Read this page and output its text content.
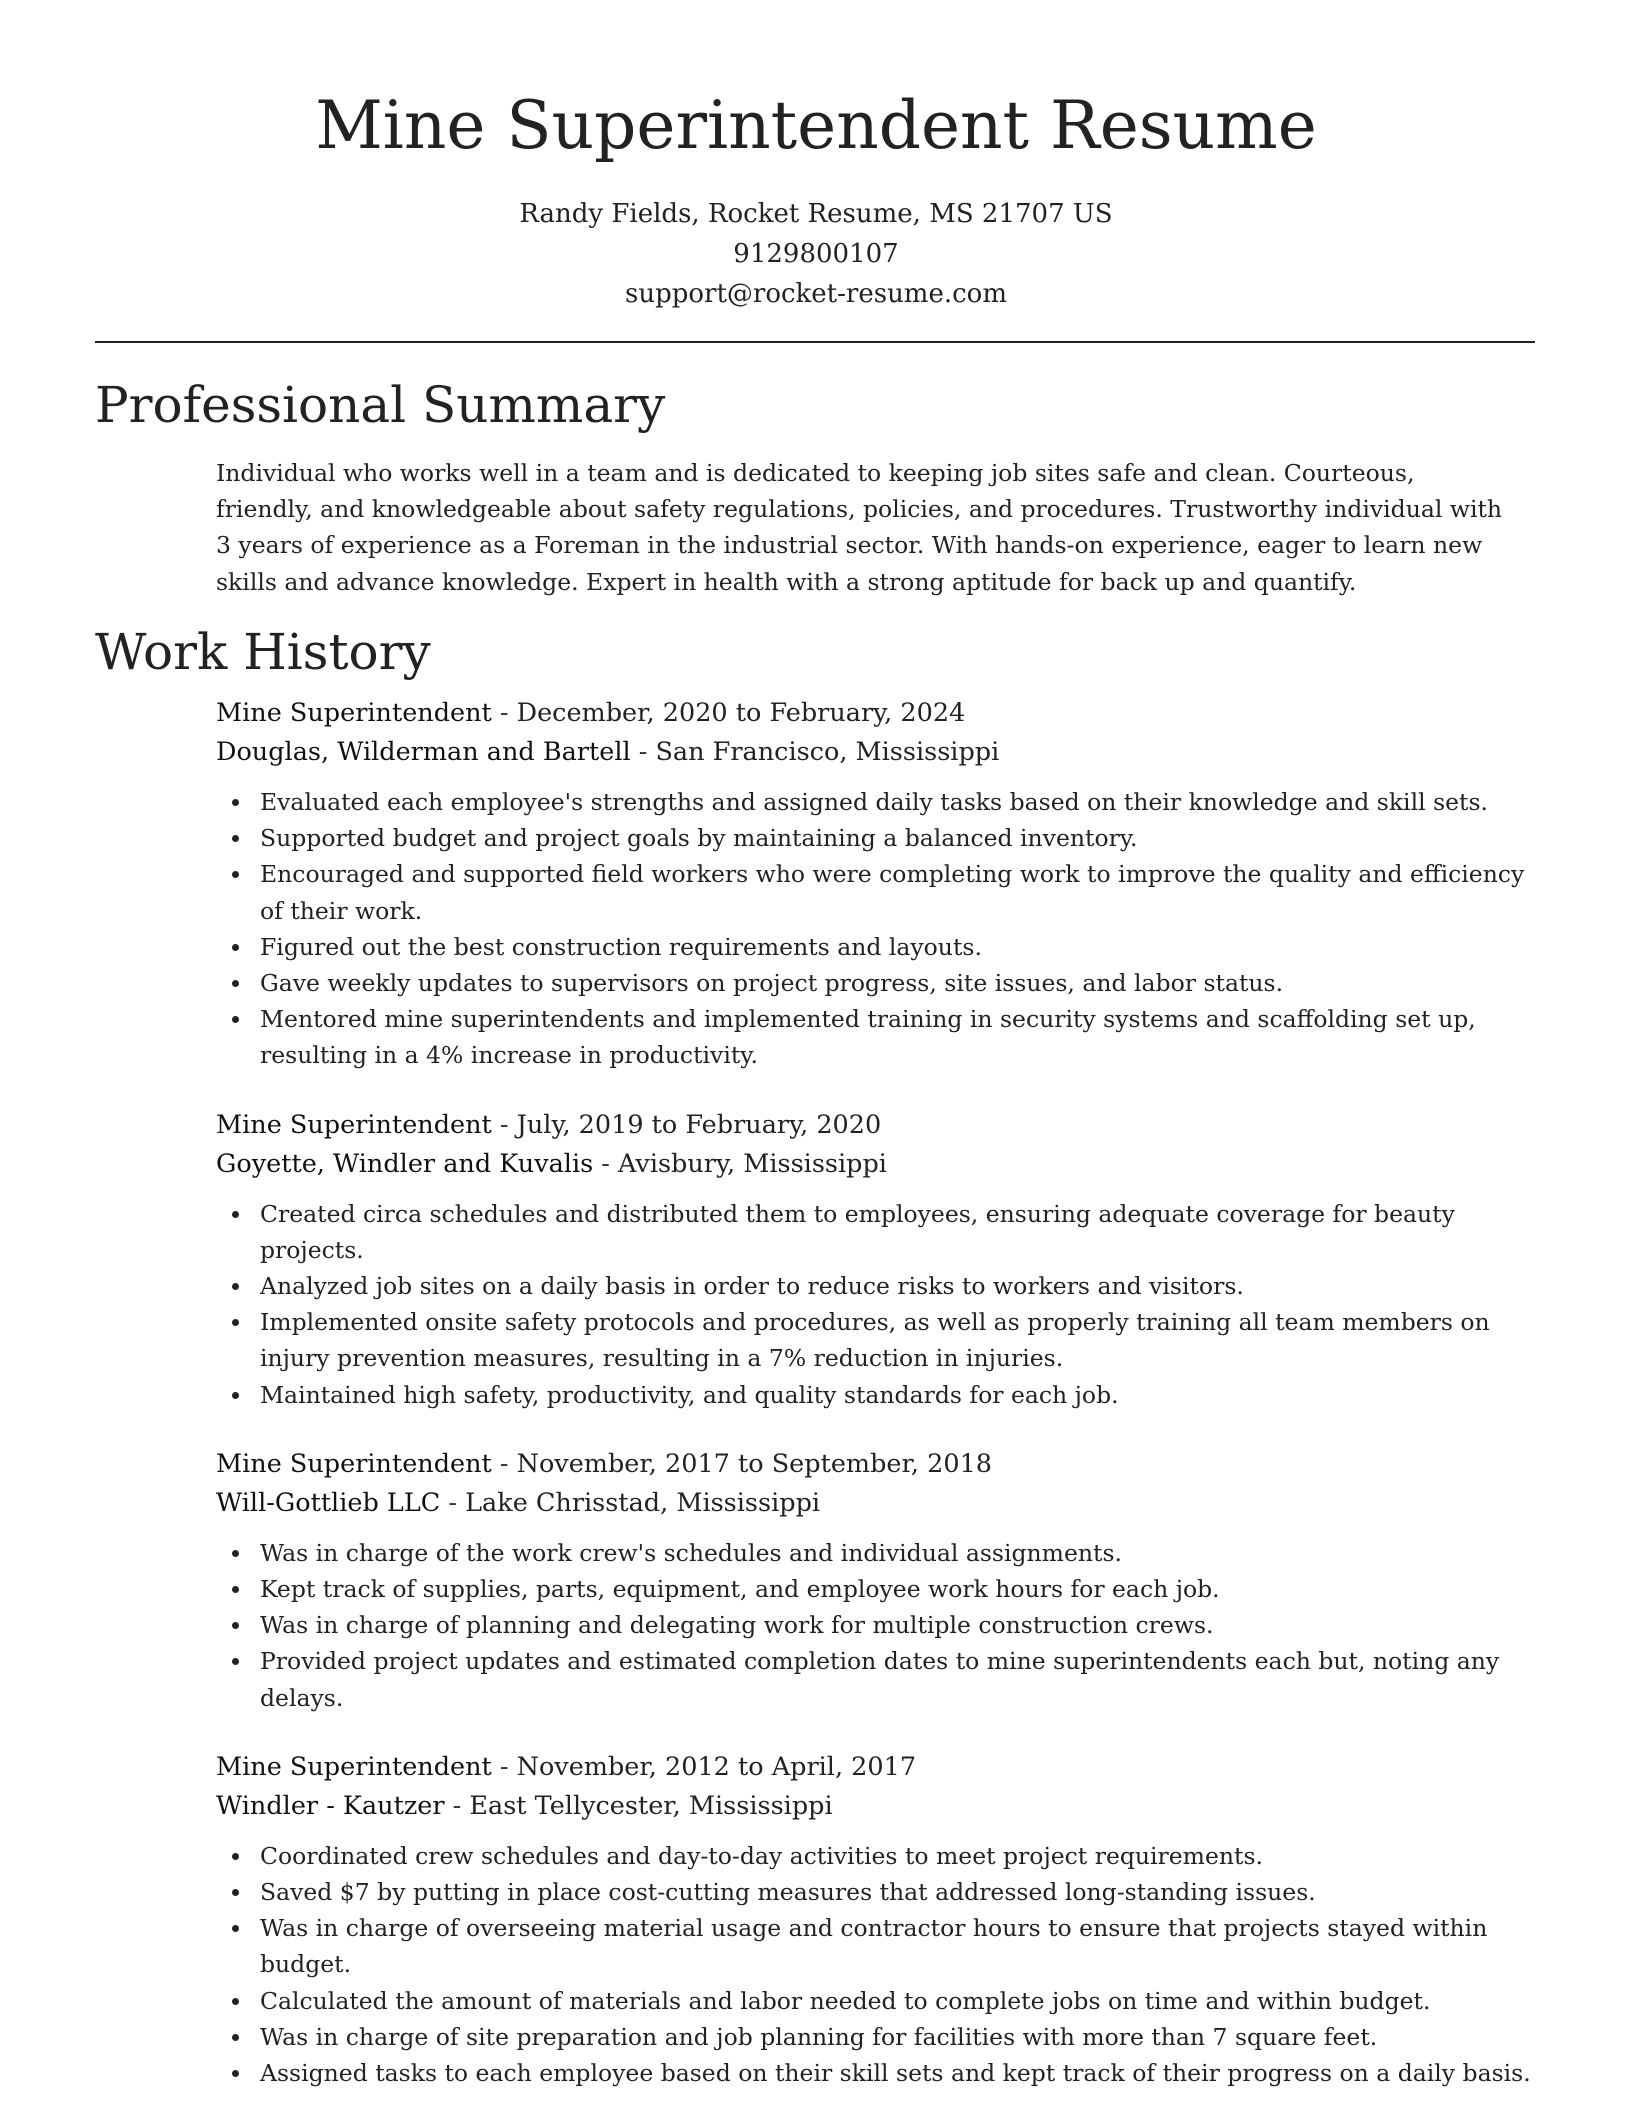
Mine Superintendent Resume
Randy Fields, Rocket Resume, MS 21707 US
9129800107
support@rocket-resume.com
Professional Summary

Individual who works well in a team and is dedicated to keeping job sites safe and clean. Courteous, friendly, and knowledgeable about safety regulations, policies, and procedures. Trustworthy individual with 3 years of experience as a Foreman in the industrial sector. With hands-on experience, eager to learn new skills and advance knowledge. Expert in health with a strong aptitude for back up and quantify.

Work History
Mine Superintendent - December, 2020 to February, 2024
Douglas, Wilderman and Bartell - San Francisco, Mississippi
Evaluated each employee's strengths and assigned daily tasks based on their knowledge and skill sets.
Supported budget and project goals by maintaining a balanced inventory.
Encouraged and supported field workers who were completing work to improve the quality and efficiency of their work.
Figured out the best construction requirements and layouts.
Gave weekly updates to supervisors on project progress, site issues, and labor status.
Mentored mine superintendents and implemented training in security systems and scaffolding set up, resulting in a 4% increase in productivity.
Mine Superintendent - July, 2019 to February, 2020
Goyette, Windler and Kuvalis - Avisbury, Mississippi
Created circa schedules and distributed them to employees, ensuring adequate coverage for beauty projects.
Analyzed job sites on a daily basis in order to reduce risks to workers and visitors.
Implemented onsite safety protocols and procedures, as well as properly training all team members on injury prevention measures, resulting in a 7% reduction in injuries.
Maintained high safety, productivity, and quality standards for each job.
Mine Superintendent - November, 2017 to September, 2018
Will-Gottlieb LLC - Lake Chrisstad, Mississippi
Was in charge of the work crew's schedules and individual assignments.
Kept track of supplies, parts, equipment, and employee work hours for each job.
Was in charge of planning and delegating work for multiple construction crews.
Provided project updates and estimated completion dates to mine superintendents each but, noting any delays.
Mine Superintendent - November, 2012 to April, 2017
Windler - Kautzer - East Tellycester, Mississippi
Coordinated crew schedules and day-to-day activities to meet project requirements.
Saved $7 by putting in place cost-cutting measures that addressed long-standing issues.
Was in charge of overseeing material usage and contractor hours to ensure that projects stayed within budget.
Calculated the amount of materials and labor needed to complete jobs on time and within budget.
Was in charge of site preparation and job planning for facilities with more than 7 square feet.
Assigned tasks to each employee based on their skill sets and kept track of their progress on a daily basis.
